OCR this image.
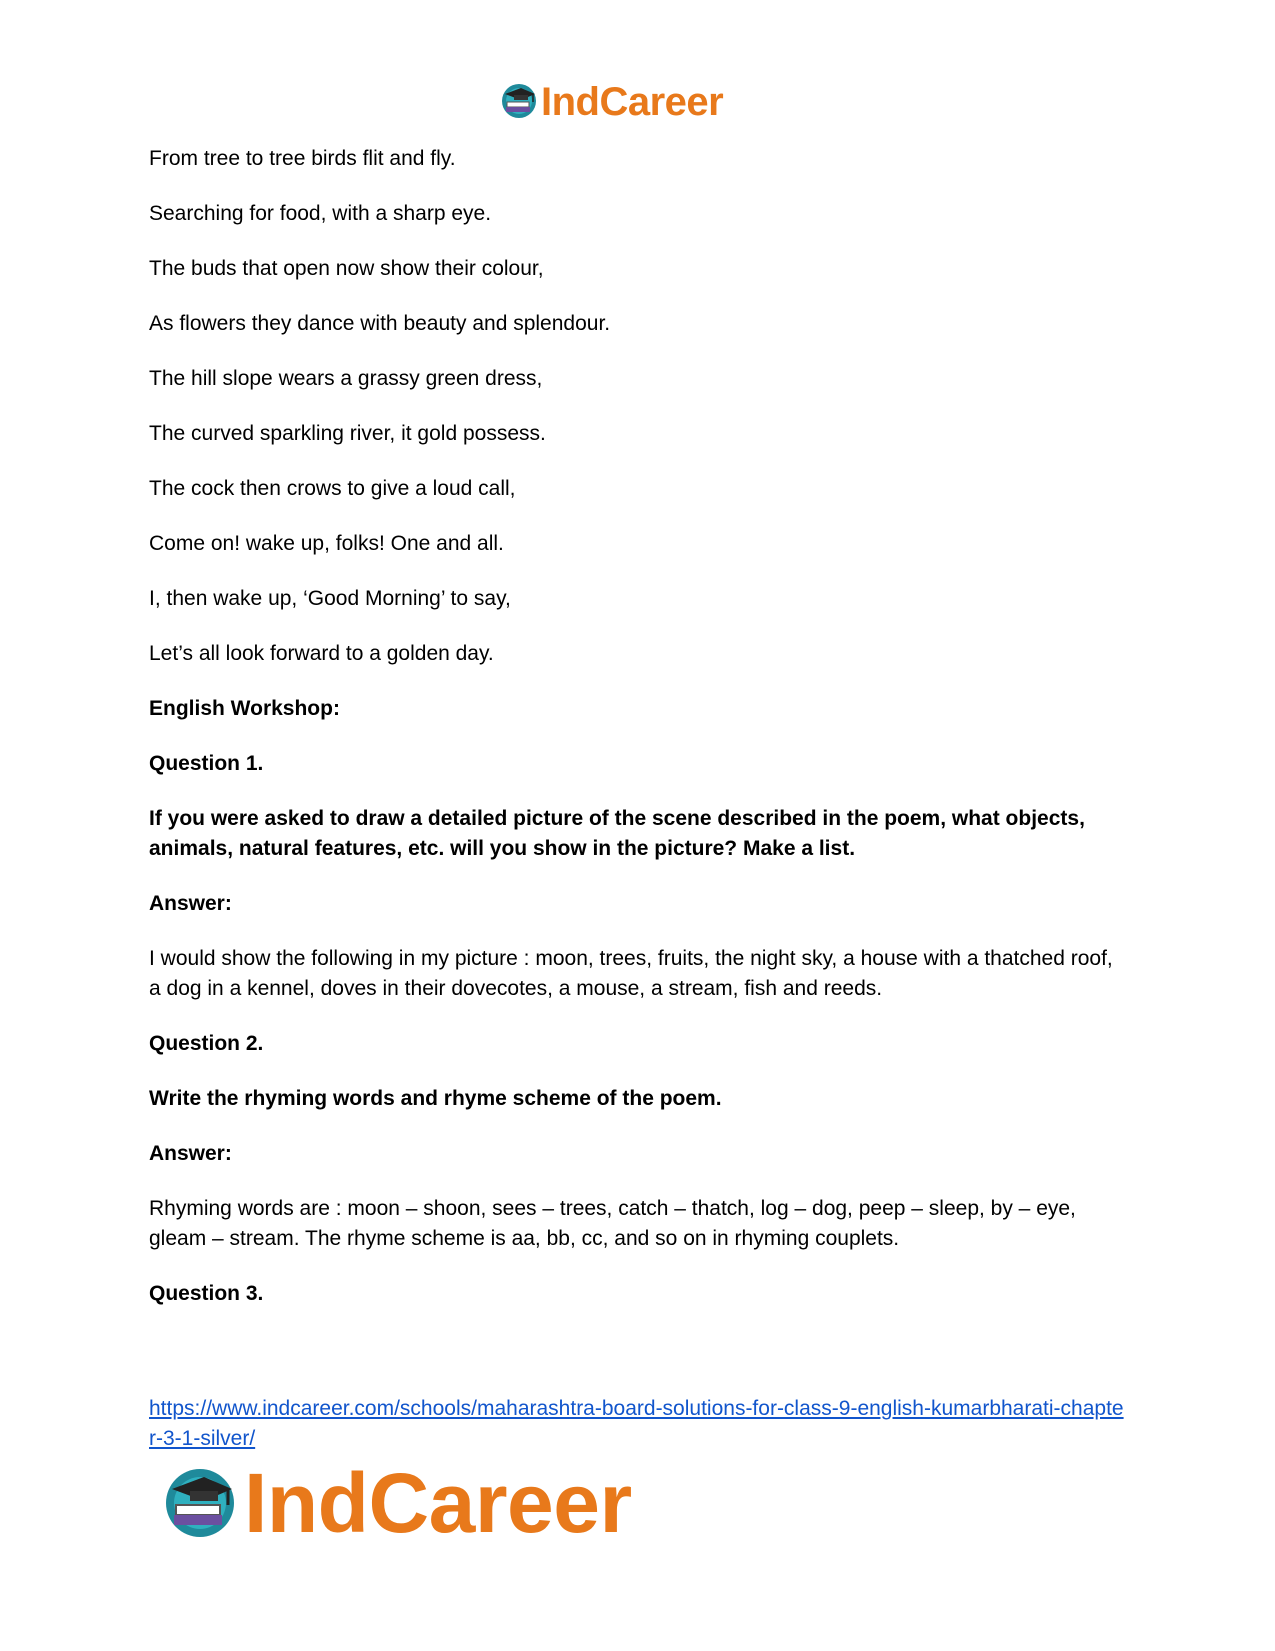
IndCareer
From tree to tree birds flit and fly.
Searching for food, with a sharp eye.
The buds that open now show their colour,
As flowers they dance with beauty and splendour.
The hill slope wears a grassy green dress,
The curved sparkling river, it gold possess.
The cock then crows to give a loud call,
Come on! wake up, folks! One and all.
I, then wake up, ‘Good Morning’ to say,
Let’s all look forward to a golden day.
English Workshop:
Question 1.
If you were asked to draw a detailed picture of the scene described in the poem, what objects, animals, natural features, etc. will you show in the picture? Make a list.
Answer:
I would show the following in my picture : moon, trees, fruits, the night sky, a house with a thatched roof, a dog in a kennel, doves in their dovecotes, a mouse, a stream, fish and reeds.
Question 2.
Write the rhyming words and rhyme scheme of the poem.
Answer:
Rhyming words are : moon – shoon, sees – trees, catch – thatch, log – dog, peep – sleep, by – eye, gleam – stream. The rhyme scheme is aa, bb, cc, and so on in rhyming couplets.
Question 3.
https://www.indcareer.com/schools/maharashtra-board-solutions-for-class-9-english-kumarbharati-chapter-3-1-silver/
IndCareer
